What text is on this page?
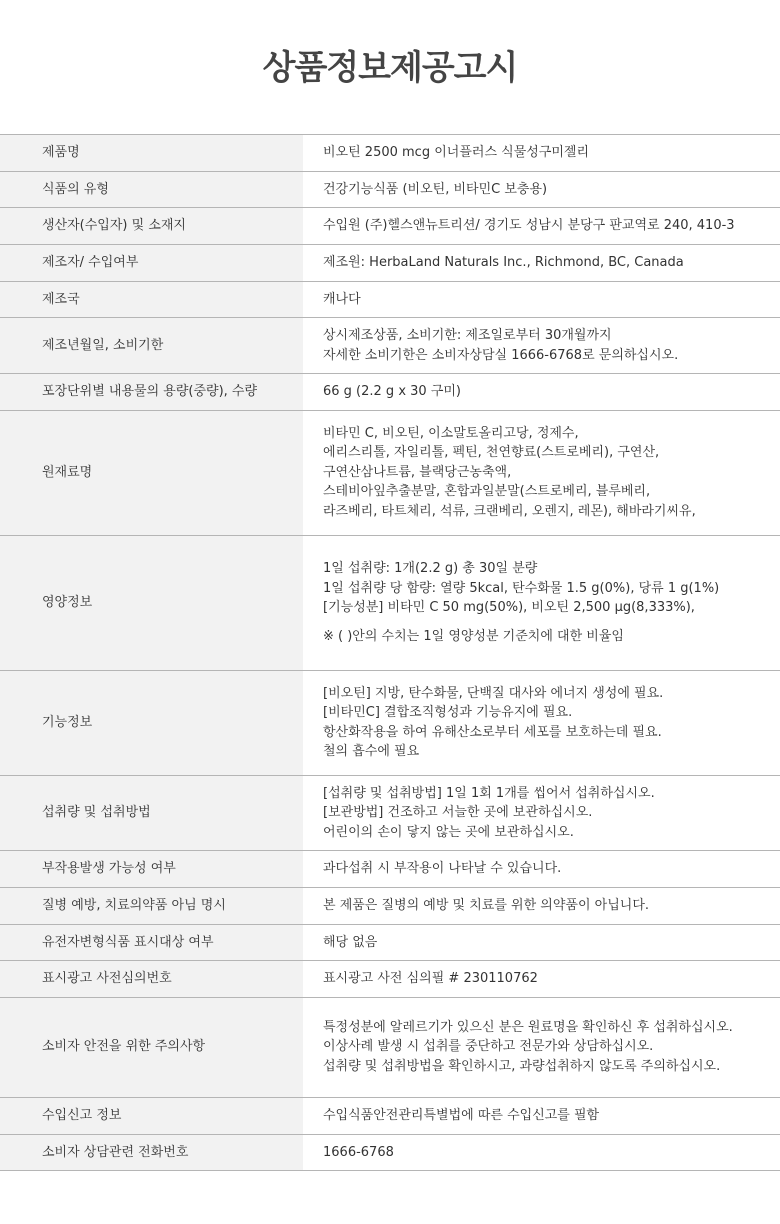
상품정보제공고시
제품명	비오틴 2500 mcg 이너플러스 식물성구미젤리

식품의 유형	건강기능식품 (비오틴, 비타민C 보충용)

생산자(수입자) 및 소재지	수입원 (주)헬스앤뉴트리션/ 경기도 성남시 분당구 판교역로 240, 410-3

제조자/ 수입여부	제조원: HerbaLand Naturals Inc., Richmond, BC, Canada

제조국	캐나다

제조년월일, 소비기한	상시제조상품, 소비기한: 제조일로부터 30개월까지
자세한 소비기한은 소비자상담실 1666-6768로 문의하십시오.

포장단위별 내용물의 용량(중량), 수량	66 g (2.2 g x 30 구미)

원재료명	비타민 C, 비오틴, 이소말토올리고당, 정제수,
에리스리톨, 자일리톨, 펙틴, 천연향료(스트로베리), 구연산,
구연산삼나트륨, 블랙당근농축액,
스테비아잎추출분말, 혼합과일분말(스트로베리, 블루베리,
라즈베리, 타트체리, 석류, 크랜베리, 오렌지, 레몬), 해바라기씨유,

영양정보	1일 섭취량: 1개(2.2 g) 총 30일 분량
1일 섭취량 당 함량: 열량 5kcal, 탄수화물 1.5 g(0%), 당류 1 g(1%)
[기능성분] 비타민 C 50 mg(50%), 비오틴 2,500 μg(8,333%),
※ ( )안의 수치는 1일 영양성분 기준치에 대한 비율임

기능정보	[비오틴] 지방, 탄수화물, 단백질 대사와 에너지 생성에 필요.
[비타민C] 결합조직형성과 기능유지에 필요.
항산화작용을 하여 유해산소로부터 세포를 보호하는데 필요.
철의 흡수에 필요

섭취량 및 섭취방법	[섭취량 및 섭취방법] 1일 1회 1개를 씹어서 섭취하십시오.
[보관방법] 건조하고 서늘한 곳에 보관하십시오.
어린이의 손이 닿지 않는 곳에 보관하십시오.

부작용발생 가능성 여부	과다섭취 시 부작용이 나타날 수 있습니다.

질병 예방, 치료의약품 아님 명시	본 제품은 질병의 예방 및 치료를 위한 의약품이 아닙니다.

유전자변형식품 표시대상 여부	해당 없음

표시광고 사전심의번호	표시광고 사전 심의필 # 230110762

소비자 안전을 위한 주의사항	특정성분에 알레르기가 있으신 분은 원료명을 확인하신 후 섭취하십시오.
이상사례 발생 시 섭취를 중단하고 전문가와 상담하십시오.
섭취량 및 섭취방법을 확인하시고, 과량섭취하지 않도록 주의하십시오.

수입신고 정보	수입식품안전관리특별법에 따른 수입신고를 필함

소비자 상담관련 전화번호	1666-6768
